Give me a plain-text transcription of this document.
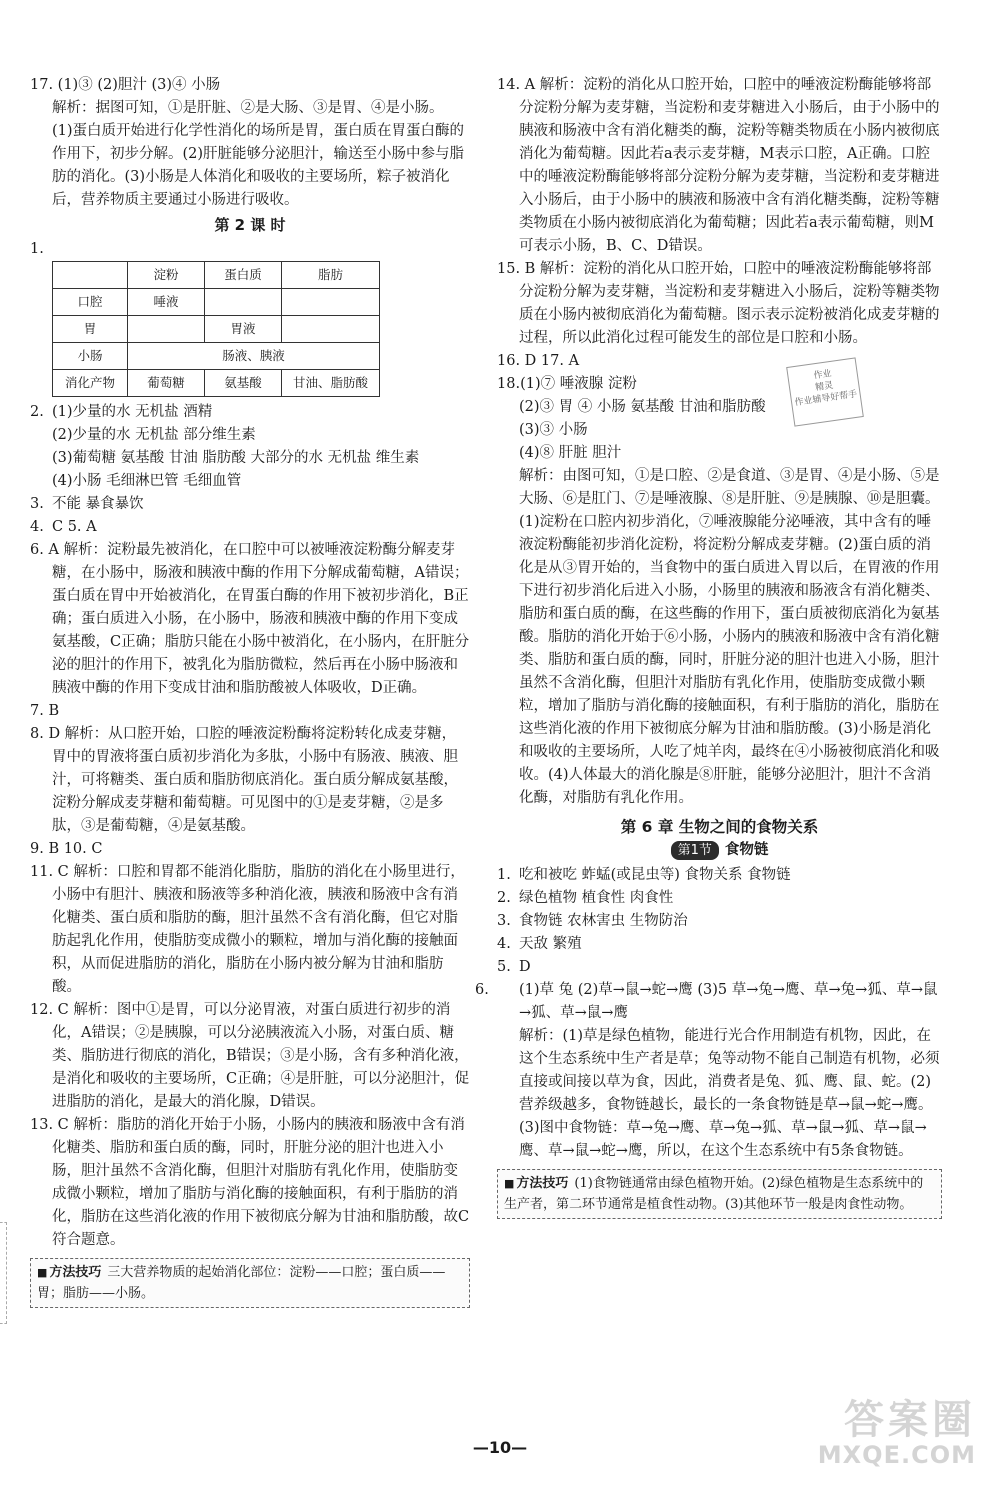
17. (1)③ (2)胆汁 (3)④ 小肠
解析：据图可知，①是肝脏、②是大肠、③是胃、④是小肠。
(1)蛋白质开始进行化学性消化的场所是胃，蛋白质在胃蛋白酶的作用下，初步分解。(2)肝脏能够分泌胆汁，输送至小肠中参与脂肪的消化。(3)小肠是人体消化和吸收的主要场所，粽子被消化后，营养物质主要通过小肠进行吸收。
第 2 课 时
1.
	淀粉	蛋白质	脂肪
口腔	唾液		
胃		胃液	
小肠	肠液、胰液		
消化产物	葡萄糖	氨基酸	甘油、脂肪酸
2. (1)少量的水 无机盐 酒精
(2)少量的水 无机盐 部分维生素
(3)葡萄糖 氨基酸 甘油 脂肪酸 大部分的水 无机盐 维生素
(4)小肠 毛细淋巴管 毛细血管
3. 不能 暴食暴饮
4. C 5. A
6. A 解析：淀粉最先被消化，在口腔中可以被唾液淀粉酶分解麦芽糖，在小肠中，肠液和胰液中酶的作用下分解成葡萄糖，A错误；蛋白质在胃中开始被消化，在胃蛋白酶的作用下被初步消化，B正确；蛋白质进入小肠，在小肠中，肠液和胰液中酶的作用下变成氨基酸，C正确；脂肪只能在小肠中被消化，在小肠内，在肝脏分泌的胆汁的作用下，被乳化为脂肪微粒，然后再在小肠中肠液和胰液中酶的作用下变成甘油和脂肪酸被人体吸收，D正确。
7. B
8. D 解析：从口腔开始，口腔的唾液淀粉酶将淀粉转化成麦芽糖，胃中的胃液将蛋白质初步消化为多肽，小肠中有肠液、胰液、胆汁，可将糖类、蛋白质和脂肪彻底消化。蛋白质分解成氨基酸，淀粉分解成麦芽糖和葡萄糖。可见图中的①是麦芽糖，②是多肽，③是葡萄糖，④是氨基酸。
9. B 10. C
11. C 解析：口腔和胃都不能消化脂肪，脂肪的消化在小肠里进行，小肠中有胆汁、胰液和肠液等多种消化液，胰液和肠液中含有消化糖类、蛋白质和脂肪的酶，胆汁虽然不含有消化酶，但它对脂肪起乳化作用，使脂肪变成微小的颗粒，增加与消化酶的接触面积，从而促进脂肪的消化，脂肪在小肠内被分解为甘油和脂肪酸。
12. C 解析：图中①是胃，可以分泌胃液，对蛋白质进行初步的消化，A错误；②是胰腺，可以分泌胰液流入小肠，对蛋白质、糖类、脂肪进行彻底的消化，B错误；③是小肠，含有多种消化液，是消化和吸收的主要场所，C正确；④是肝脏，可以分泌胆汁，促进脂肪的消化，是最大的消化腺，D错误。
13. C 解析：脂肪的消化开始于小肠，小肠内的胰液和肠液中含有消化糖类、脂肪和蛋白质的酶，同时，肝脏分泌的胆汁也进入小肠，胆汁虽然不含消化酶，但胆汁对脂肪有乳化作用，使脂肪变成微小颗粒，增加了脂肪与消化酶的接触面积，有利于脂肪的消化，脂肪在这些消化液的作用下被彻底分解为甘油和脂肪酸，故C符合题意。
■ 方法技巧 三大营养物质的起始消化部位：淀粉——口腔；蛋白质——胃；脂肪——小肠。
14. A 解析：淀粉的消化从口腔开始，口腔中的唾液淀粉酶能够将部分淀粉分解为麦芽糖，当淀粉和麦芽糖进入小肠后，由于小肠中的胰液和肠液中含有消化糖类的酶，淀粉等糖类物质在小肠内被彻底消化为葡萄糖。因此若a表示麦芽糖，M表示口腔，A正确。口腔中的唾液淀粉酶能够将部分淀粉分解为麦芽糖，当淀粉和麦芽糖进入小肠后，由于小肠中的胰液和肠液中含有消化糖类酶，淀粉等糖类物质在小肠内被彻底消化为葡萄糖；因此若a表示葡萄糖，则M可表示小肠，B、C、D错误。
15. B 解析：淀粉的消化从口腔开始，口腔中的唾液淀粉酶能够将部分淀粉分解为麦芽糖，当淀粉和麦芽糖进入小肠后，淀粉等糖类物质在小肠内被彻底消化为葡萄糖。图示表示淀粉被消化成麦芽糖的过程，所以此消化过程可能发生的部位是口腔和小肠。
16. D 17. A
18.(1)⑦ 唾液腺 淀粉
(2)③ 胃 ④ 小肠 氨基酸 甘油和脂肪酸
(3)③ 小肠
(4)⑧ 肝脏 胆汁
解析：由图可知，①是口腔、②是食道、③是胃、④是小肠、⑤是大肠、⑥是肛门、⑦是唾液腺、⑧是肝脏、⑨是胰腺、⑩是胆囊。(1)淀粉在口腔内初步消化，⑦唾液腺能分泌唾液，其中含有的唾液淀粉酶能初步消化淀粉，将淀粉分解成麦芽糖。(2)蛋白质的消化是从③胃开始的，当食物中的蛋白质进入胃以后，在胃液的作用下进行初步消化后进入小肠，小肠里的胰液和肠液含有消化糖类、脂肪和蛋白质的酶，在这些酶的作用下，蛋白质被彻底消化为氨基酸。脂肪的消化开始于⑥小肠，小肠内的胰液和肠液中含有消化糖类、脂肪和蛋白质的酶，同时，肝脏分泌的胆汁也进入小肠，胆汁虽然不含消化酶，但胆汁对脂肪有乳化作用，使脂肪变成微小颗粒，增加了脂肪与消化酶的接触面积，有利于脂肪的消化，脂肪在这些消化液的作用下被彻底分解为甘油和脂肪酸。(3)小肠是消化和吸收的主要场所，人吃了炖羊肉，最终在④小肠被彻底消化和吸收。(4)人体最大的消化腺是⑧肝脏，能够分泌胆汁，胆汁不含消化酶，对脂肪有乳化作用。
第 6 章 生物之间的食物关系
第1节 食物链
1. 吃和被吃 蚱蜢(或昆虫等) 食物关系 食物链
2. 绿色植物 植食性 肉食性
3. 食物链 农林害虫 生物防治
4. 天敌 繁殖
5. D
6. (1)草 兔 (2)草→鼠→蛇→鹰 (3)5 草→兔→鹰、草→兔→狐、草→鼠→狐、草→鼠→鹰
解析：(1)草是绿色植物，能进行光合作用制造有机物，因此，在这个生态系统中生产者是草；兔等动物不能自己制造有机物，必须直接或间接以草为食，因此，消费者是兔、狐、鹰、鼠、蛇。(2)营养级越多，食物链越长，最长的一条食物链是草→鼠→蛇→鹰。(3)图中食物链：草→兔→鹰、草→兔→狐、草→鼠→狐、草→鼠→鹰、草→鼠→蛇→鹰，所以，在这个生态系统中有5条食物链。
■ 方法技巧 (1)食物链通常由绿色植物开始。(2)绿色植物是生态系统中的生产者，第二环节通常是植食性动物。(3)其他环节一般是肉食性动物。
作业
精灵
作业辅导好帮手
—10—
答案圈
MXQE.COM
